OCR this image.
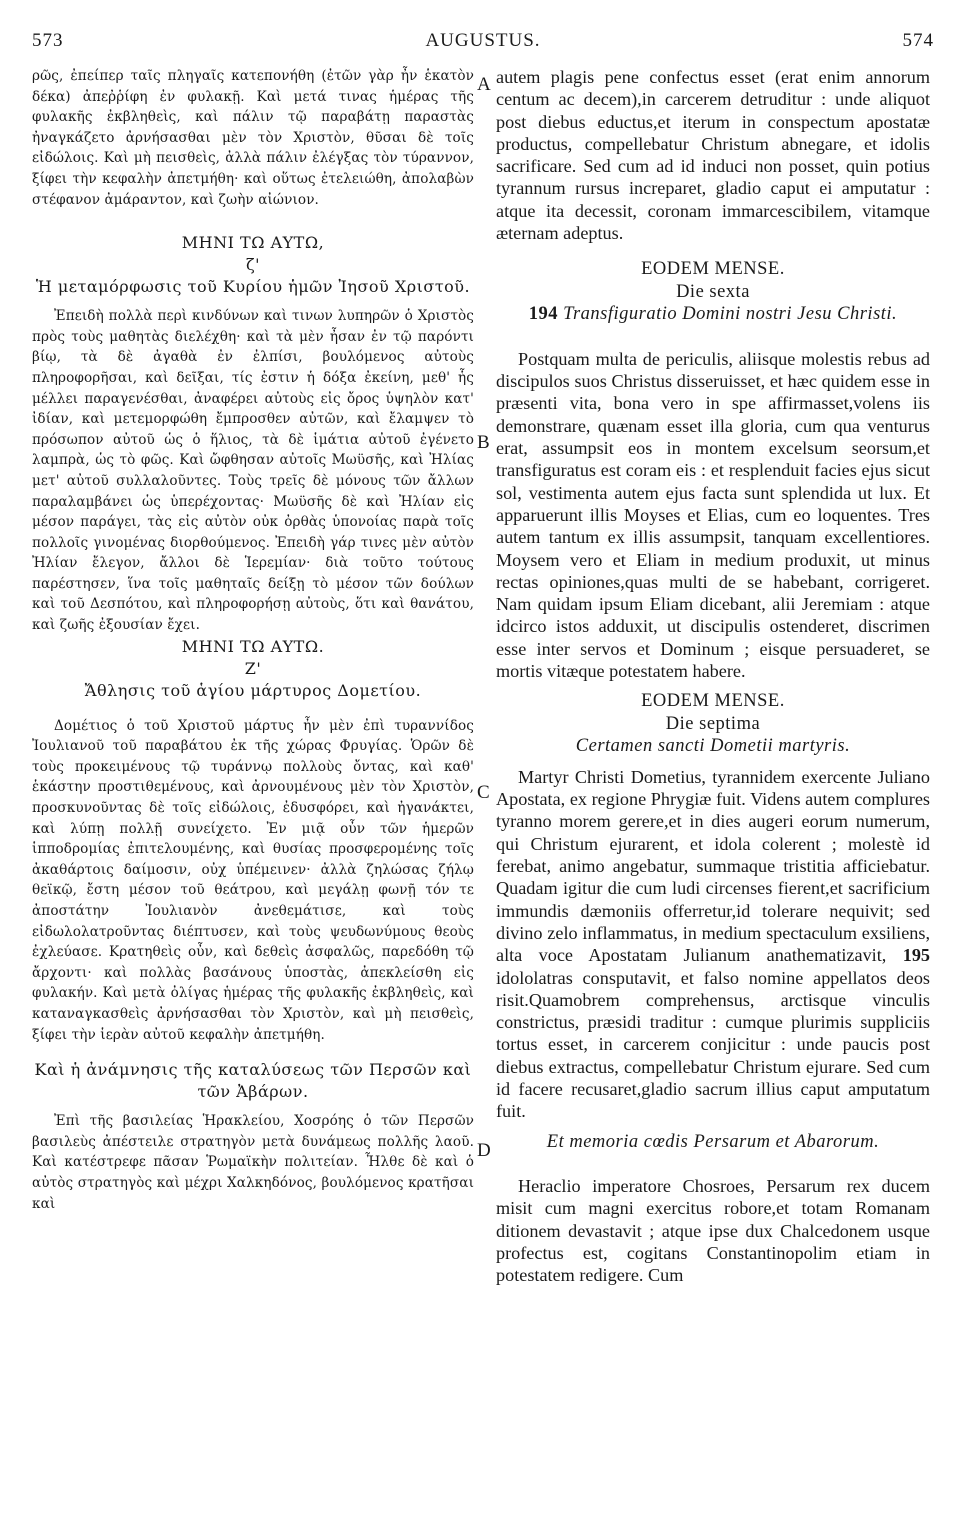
573	AUGUSTUS.	574

ρῶς, ἐπείπερ ταῖς πληγαῖς κατεπονήθη (ἐτῶν γὰρ ἦν ἑκατὸν δέκα) ἀπεῤῥίφη ἐν φυλακῇ. Καὶ μετά τινας ἡμέρας τῆς φυλακῆς ἐκβληθεὶς, καὶ πάλιν τῷ παραβάτῃ παραστὰς ἠναγκάζετο ἀρνήσασθαι μὲν τὸν Χριστὸν, θῦσαι δὲ τοῖς εἰδώλοις. Καὶ μὴ πεισθεὶς, ἀλλὰ πάλιν ἐλέγξας τὸν τύραννον, ξίφει τὴν κεφαλὴν ἀπετμήθη· καὶ οὕτως ἐτελειώθη, ἀπολαβὼν στέφανον ἀμάραντον, καὶ ζωὴν αἰώνιον.

ΜΗΝΙ ΤΩ ΑΥΤΩ,

ζ'

Ἡ μεταμόρφωσις τοῦ Κυρίου ἡμῶν Ἰησοῦ Χριστοῦ.

Ἐπειδὴ πολλὰ περὶ κινδύνων καὶ τινων λυπηρῶν ὁ Χριστὸς πρὸς τοὺς μαθητὰς διελέχθη· καὶ τὰ μὲν ἦσαν ἐν τῷ παρόντι βίῳ, τὰ δὲ ἀγαθὰ ἐν ἐλπίσι, βουλόμενος αὐτοὺς πληροφορῆσαι, καὶ δεῖξαι, τίς ἐστιν ἡ δόξα ἐκείνη, μεθ' ἧς μέλλει παραγενέσθαι, ἀναφέρει αὐτοὺς εἰς ὄρος ὑψηλὸν κατ' ἰδίαν, καὶ μετεμορφώθη ἔμπροσθεν αὐτῶν, καὶ ἔλαμψεν τὸ πρόσωπον αὐτοῦ ὡς ὁ ἥλιος, τὰ δὲ ἱμάτια αὐτοῦ ἐγένετο λαμπρὰ, ὡς τὸ φῶς. Καὶ ὤφθησαν αὐτοῖς Μωϋσῆς, καὶ Ἠλίας μετ' αὐτοῦ συλλαλοῦντες. Τοὺς τρεῖς δὲ μόνους τῶν ἄλλων παραλαμβάνει ὡς ὑπερέχοντας· Μωϋσῆς δὲ καὶ Ἠλίαν εἰς μέσον παράγει, τὰς εἰς αὐτὸν οὐκ ὀρθὰς ὑπονοίας παρὰ τοῖς πολλοῖς γινομένας διορθούμενος. Ἐπειδὴ γάρ τινες μὲν αὐτὸν Ἠλίαν ἔλεγον, ἄλλοι δὲ Ἱερεμίαν· διὰ τοῦτο τούτους παρέστησεν, ἵνα τοῖς μαθηταῖς δείξῃ τὸ μέσον τῶν δούλων καὶ τοῦ Δεσπότου, καὶ πληροφορήσῃ αὐτοὺς, ὅτι καὶ θανάτου, καὶ ζωῆς ἐξουσίαν ἔχει.

ΜΗΝΙ ΤΩ ΑΥΤΩ.

Ζ'

Ἄθλησις τοῦ ἁγίου μάρτυρος Δομετίου.

Δομέτιος ὁ τοῦ Χριστοῦ μάρτυς ἦν μὲν ἐπὶ τυραννίδος Ἰουλιανοῦ τοῦ παραβάτου ἐκ τῆς χώρας Φρυγίας. Ὁρῶν δὲ τοὺς προκειμένους τῷ τυράννῳ πολλοὺς ὄντας, καὶ καθ' ἑκάστην προστιθεμένους, καὶ ἀρνουμένους μὲν τὸν Χριστὸν, προσκυνοῦντας δὲ τοῖς εἰδώλοις, ἐδυσφόρει, καὶ ἠγανάκτει, καὶ λύπῃ πολλῇ συνείχετο. Ἐν μιᾷ οὖν τῶν ἡμερῶν ἱπποδρομίας ἐπιτελουμένης, καὶ θυσίας προσφερομένης τοῖς ἀκαθάρτοις δαίμοσιν, οὐχ ὑπέμεινεν· ἀλλὰ ζηλώσας ζήλῳ θεϊκῷ, ἔστη μέσον τοῦ θεάτρου, καὶ μεγάλῃ φωνῇ τόν τε ἀποστάτην Ἰουλιανὸν ἀνεθεμάτισε, καὶ τοὺς εἰδωλολατροῦντας διέπτυσεν, καὶ τοὺς ψευδωνύμους θεοὺς ἐχλεύασε. Κρατηθεὶς οὖν, καὶ δεθεὶς ἀσφαλῶς, παρεδόθη τῷ ἄρχοντι· καὶ πολλὰς βασάνους ὑποστὰς, ἀπεκλείσθη εἰς φυλακήν. Καὶ μετὰ ὀλίγας ἡμέρας τῆς φυλακῆς ἐκβληθεὶς, καὶ καταναγκασθεὶς ἀρνήσασθαι τὸν Χριστὸν, καὶ μὴ πεισθεὶς, ξίφει τὴν ἱερὰν αὐτοῦ κεφαλὴν ἀπετμήθη.

Καὶ ἡ ἀνάμνησις τῆς καταλύσεως τῶν Περσῶν καὶ τῶν Ἀβάρων.

Ἐπὶ τῆς βασιλείας Ἡρακλείου, Χοσρόης ὁ τῶν Περσῶν βασιλεὺς ἀπέστειλε στρατηγὸν μετὰ δυνάμεως πολλῆς λαοῦ. Καὶ κατέστρεφε πᾶσαν Ῥωμαϊκὴν πολιτείαν. Ἦλθε δὲ καὶ ὁ αὐτὸς στρατηγὸς καὶ μέχρι Χαλκηδόνος, βουλόμενος κρατῆσαι καὶ

A
B
C
D

autem plagis pene confectus esset (erat enim annorum centum ac decem),in carcerem detruditur : unde aliquot post diebus eductus,et iterum in conspectum apostatæ productus, compellebatur Christum abnegare, et idolis sacrificare. Sed cum ad id induci non posset, quin potius tyrannum rursus increparet, gladio caput ei amputatur : atque ita decessit, coronam immarcescibilem, vitamque æternam adeptus.

EODEM MENSE.

Die sexta

194 Transfiguratio Domini nostri Jesu Christi.

Postquam multa de periculis, aliisque molestis rebus ad discipulos suos Christus disseruisset, et hæc quidem esse in præsenti vita, bona vero in spe affirmasset,volens iis demonstrare, quænam esset illa gloria, cum qua venturus erat, assumpsit eos in montem excelsum seorsum,et transfiguratus est coram eis : et resplenduit facies ejus sicut sol, vestimenta autem ejus facta sunt splendida ut lux. Et apparuerunt illis Moyses et Elias, cum eo loquentes. Tres autem tantum ex illis assumpsit, tanquam excellentiores. Moysem vero et Eliam in medium produxit, ut minus rectas opiniones,quas multi de se habebant, corrigeret. Nam quidam ipsum Eliam dicebant, alii Jeremiam : atque idcirco istos adduxit, ut discipulis ostenderet, discrimen esse inter servos et Dominum ; eisque persuaderet, se mortis vitæque potestatem habere.

EODEM MENSE.

Die septima

Certamen sancti Dometii martyris.

Martyr Christi Dometius, tyrannidem exercente Juliano Apostata, ex regione Phrygiæ fuit. Videns autem complures tyranno morem gerere,et in dies augeri eorum numerum, qui Christum ejurarent, et idola colerent ; molestè id ferebat, animo angebatur, summaque tristitia afficiebatur. Quadam igitur die cum ludi circenses fierent,et sacrificium immundis dæmoniis offerretur,id tolerare nequivit; sed divino zelo inflammatus, in medium spectaculum exsiliens, alta voce Apostatam Julianum anathematizavit, 195 idololatras consputavit, et falso nomine appellatos deos risit.Quamobrem comprehensus, arctisque vinculis constrictus, præsidi traditur : cumque plurimis suppliciis tortus esset, in carcerem conjicitur : unde paucis post diebus extractus, compellebatur Christum ejurare. Sed cum id facere recusaret,gladio sacrum illius caput amputatum fuit.

Et memoria cœdis Persarum et Abarorum.

Heraclio imperatore Chosroes, Persarum rex ducem misit cum magni exercitus robore,et totam Romanam ditionem devastavit ; atque ipse dux Chalcedonem usque profectus est, cogitans Constantinopolim etiam in potestatem redigere. Cum
